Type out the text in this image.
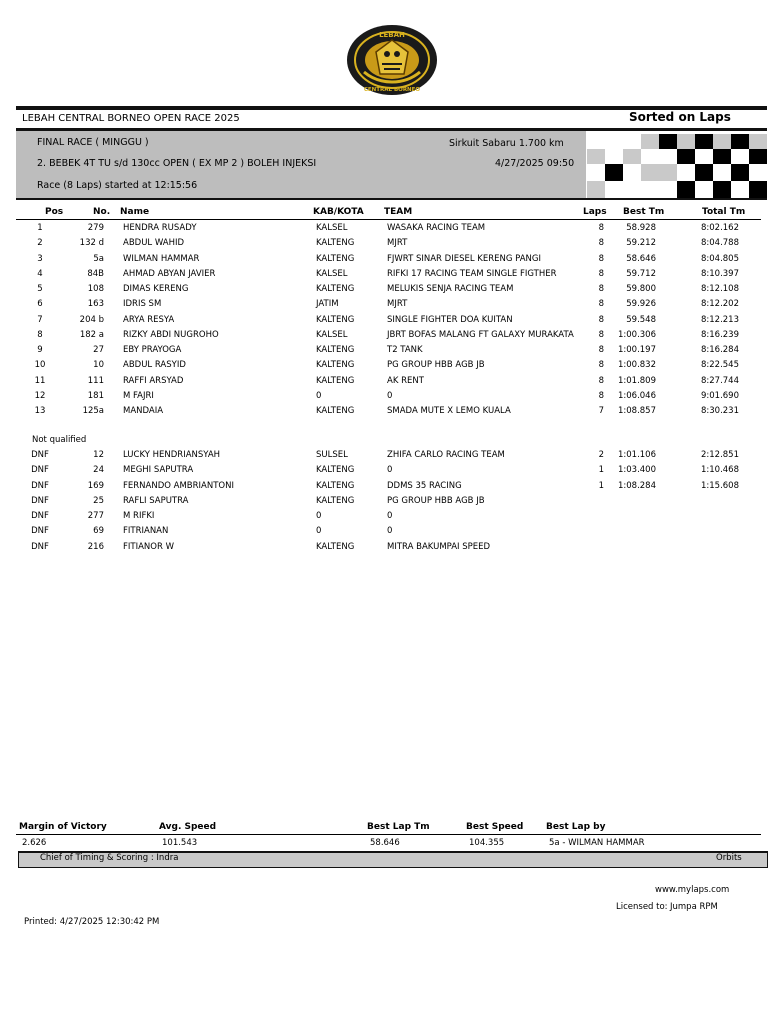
LEBAH
CENTRAL BORNEO
LEBAH CENTRAL BORNEO OPEN RACE 2025	Sorted on Laps
FINAL RACE ( MINGGU )	Sirkuit Sabaru 1.700 km
2. BEBEK 4T TU s/d 130cc OPEN ( EX MP 2 ) BOLEH INJEKSI	4/27/2025 09:50
Race (8 Laps) started at 12:15:56
Pos	No. Name	KAB/KOTA TEAM	Laps Best Tm	Total Tm
1	279 HENDRA RUSADY	KALSEL	WASAKA RACING TEAM	8	58.928	8:02.162
2	132 d ABDUL WAHID	KALTENG	MJRT	8	59.212	8:04.788
3	5a WILMAN HAMMAR	KALTENG	FJWRT SINAR DIESEL KERENG PANGI	8	58.646	8:04.805
4	84B AHMAD ABYAN JAVIER	KALSEL	RIFKI 17 RACING TEAM SINGLE FIGTHER	8	59.712	8:10.397
5	108 DIMAS KERENG	KALTENG	MELUKIS SENJA RACING TEAM	8	59.800	8:12.108
6	163 IDRIS SM	JATIM	MJRT	8	59.926	8:12.202
7	204 b ARYA RESYA	KALTENG	SINGLE FIGHTER DOA KUITAN	8	59.548	8:12.213
8	182 a RIZKY ABDI NUGROHO	KALSEL	JBRT BOFAS MALANG FT GALAXY MURAKATA	8	1:00.306	8:16.239
9	27 EBY PRAYOGA	KALTENG	T2 TANK	8	1:00.197	8:16.284
10	10 ABDUL RASYID	KALTENG	PG GROUP HBB AGB JB	8	1:00.832	8:22.545
11	111 RAFFI ARSYAD	KALTENG	AK RENT	8	1:01.809	8:27.744
12	181 M FAJRI	0	0	8	1:06.046	9:01.690
13	125a MANDAIA	KALTENG	SMADA MUTE X LEMO KUALA	7	1:08.857	8:30.231
Not qualified
DNF	12 LUCKY HENDRIANSYAH	SULSEL	ZHIFA CARLO RACING TEAM	2	1:01.106	2:12.851
DNF	24 MEGHI SAPUTRA	KALTENG	0	1	1:03.400	1:10.468
DNF	169 FERNANDO AMBRIANTONI	KALTENG	DDMS 35 RACING	1	1:08.284	1:15.608
DNF	25 RAFLI SAPUTRA	KALTENG	PG GROUP HBB AGB JB
DNF	277 M RIFKI	0	0
DNF	69 FITRIANAN	0	0
DNF	216 FITIANOR W	KALTENG	MITRA BAKUMPAI SPEED
Margin of Victory	Avg. Speed	Best Lap Tm	Best Speed	Best Lap by
2.626	101.543	58.646	104.355	5a - WILMAN HAMMAR
Chief of Timing & Scoring : Indra	Orbits
www.mylaps.com
Licensed to: Jumpa RPM
Printed: 4/27/2025 12:30:42 PM
